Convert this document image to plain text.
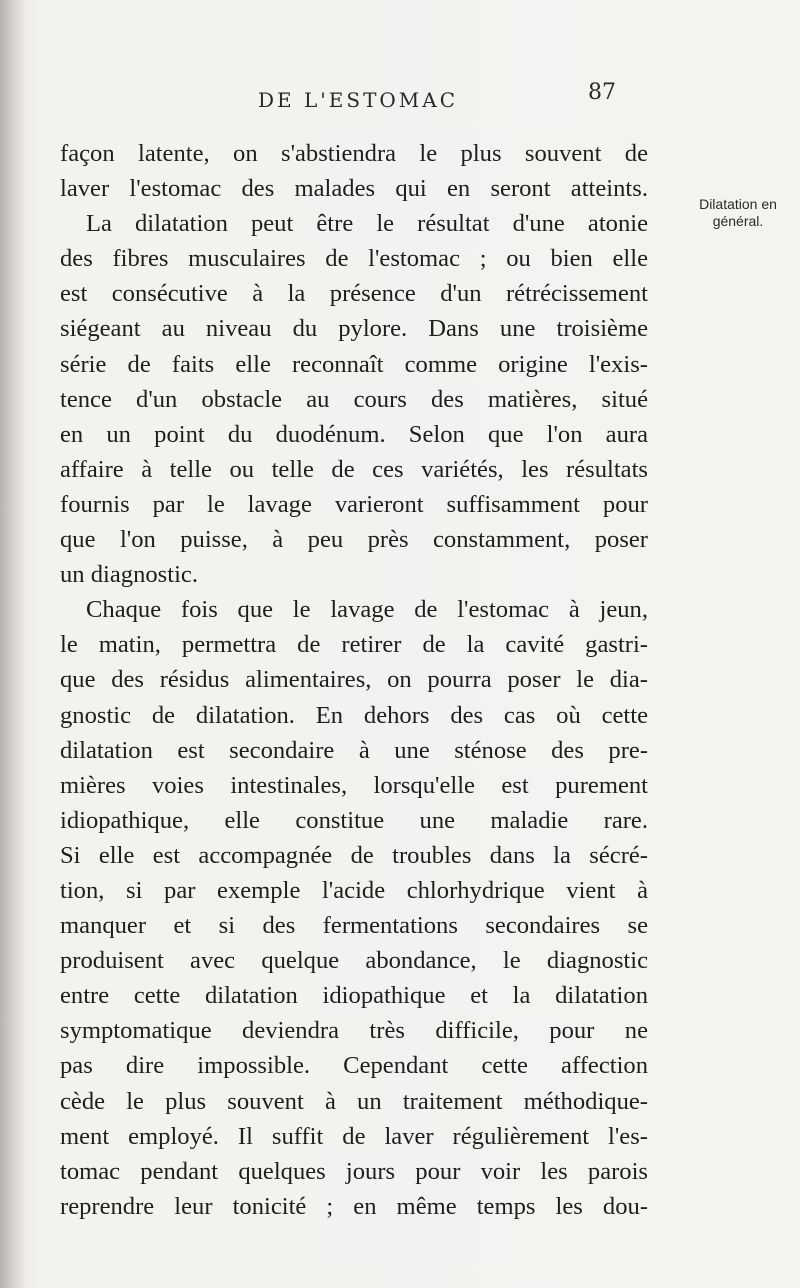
DE L'ESTOMAC	87
Dilatation en
général.
façon latente, on s'abstiendra le plus souvent de
laver l'estomac des malades qui en seront atteints.
La dilatation peut être le résultat d'une atonie
des fibres musculaires de l'estomac ; ou bien elle
est consécutive à la présence d'un rétrécissement
siégeant au niveau du pylore. Dans une troisième
série de faits elle reconnaît comme origine l'exis-
tence d'un obstacle au cours des matières, situé
en un point du duodénum. Selon que l'on aura
affaire à telle ou telle de ces variétés, les résultats
fournis par le lavage varieront suffisamment pour
que l'on puisse, à peu près constamment, poser
un diagnostic.
Chaque fois que le lavage de l'estomac à jeun,
le matin, permettra de retirer de la cavité gastri-
que des résidus alimentaires, on pourra poser le dia-
gnostic de dilatation. En dehors des cas où cette
dilatation est secondaire à une sténose des pre-
mières voies intestinales, lorsqu'elle est purement
idiopathique, elle constitue une maladie rare.
Si elle est accompagnée de troubles dans la sécré-
tion, si par exemple l'acide chlorhydrique vient à
manquer et si des fermentations secondaires se
produisent avec quelque abondance, le diagnostic
entre cette dilatation idiopathique et la dilatation
symptomatique deviendra très difficile, pour ne
pas dire impossible. Cependant cette affection
cède le plus souvent à un traitement méthodique-
ment employé. Il suffit de laver régulièrement l'es-
tomac pendant quelques jours pour voir les parois
reprendre leur tonicité ; en même temps les dou-
